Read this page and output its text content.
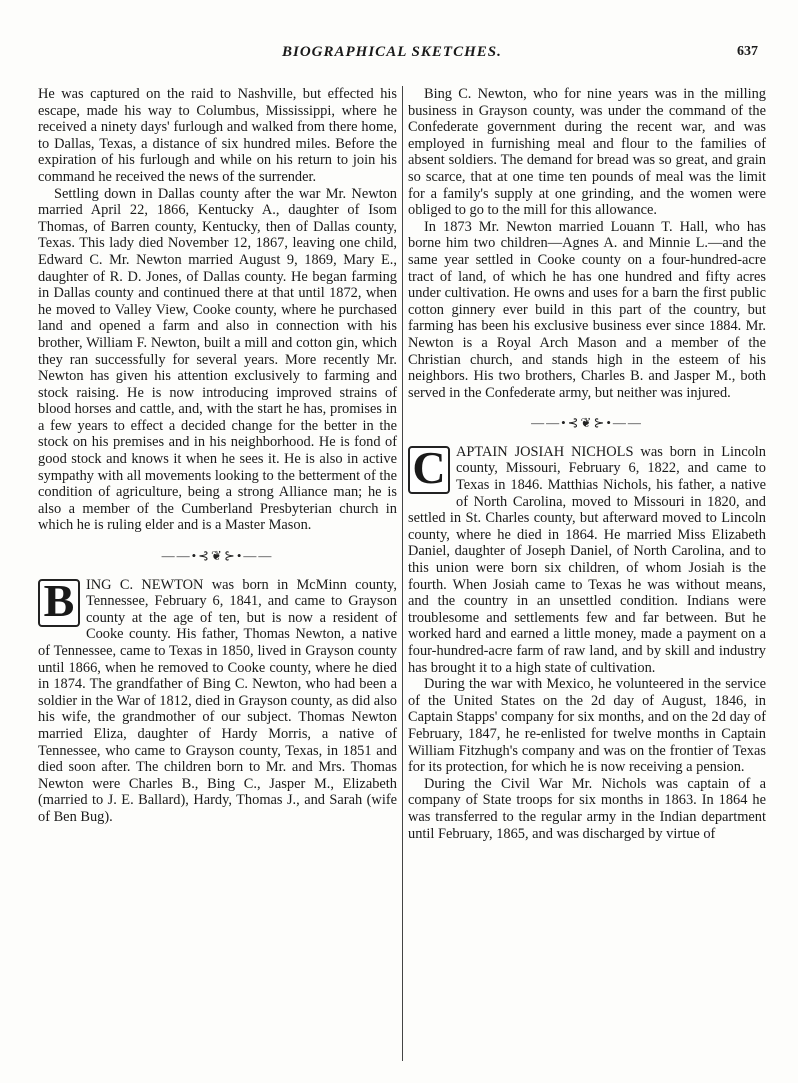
BIOGRAPHICAL SKETCHES.	637

He was captured on the raid to Nashville, but effected his escape, made his way to Columbus, Mississippi, where he received a ninety days' furlough and walked from there home, to Dallas, Texas, a distance of six hundred miles. Before the expiration of his furlough and while on his return to join his command he received the news of the surrender.

Settling down in Dallas county after the war Mr. Newton married April 22, 1866, Kentucky A., daughter of Isom Thomas, of Barren county, Kentucky, then of Dallas county, Texas. This lady died November 12, 1867, leaving one child, Edward C. Mr. Newton married August 9, 1869, Mary E., daughter of R. D. Jones, of Dallas county. He began farming in Dallas county and continued there at that until 1872, when he moved to Valley View, Cooke county, where he purchased land and opened a farm and also in connection with his brother, William F. Newton, built a mill and cotton gin, which they ran successfully for several years. More recently Mr. Newton has given his attention exclusively to farming and stock raising. He is now introducing improved strains of blood horses and cattle, and, with the start he has, promises in a few years to effect a decided change for the better in the stock on his premises and in his neighborhood. He is fond of good stock and knows it when he sees it. He is also in active sympathy with all movements looking to the betterment of the condition of agriculture, being a strong Alliance man; he is also a member of the Cumberland Presbyterian church in which he is ruling elder and is a Master Mason.

——•⊰❦⊱•——

B ING C. NEWTON was born in McMinn county, Tennessee, February 6, 1841, and came to Grayson county at the age of ten, but is now a resident of Cooke county. His father, Thomas Newton, a native of Tennessee, came to Texas in 1850, lived in Grayson county until 1866, when he removed to Cooke county, where he died in 1874. The grandfather of Bing C. Newton, who had been a soldier in the War of 1812, died in Grayson county, as did also his wife, the grandmother of our subject. Thomas Newton married Eliza, daughter of Hardy Morris, a native of Tennessee, who came to Grayson county, Texas, in 1851 and died soon after. The children born to Mr. and Mrs. Thomas Newton were Charles B., Bing C., Jasper M., Elizabeth (married to J. E. Ballard), Hardy, Thomas J., and Sarah (wife of Ben Bug).

Bing C. Newton, who for nine years was in the milling business in Grayson county, was under the command of the Confederate government during the recent war, and was employed in furnishing meal and flour to the families of absent soldiers. The demand for bread was so great, and grain so scarce, that at one time ten pounds of meal was the limit for a family's supply at one grinding, and the women were obliged to go to the mill for this allowance.

In 1873 Mr. Newton married Louann T. Hall, who has borne him two children—Agnes A. and Minnie L.—and the same year settled in Cooke county on a four-hundred-acre tract of land, of which he has one hundred and fifty acres under cultivation. He owns and uses for a barn the first public cotton ginnery ever build in this part of the country, but farming has been his exclusive business ever since 1884. Mr. Newton is a Royal Arch Mason and a member of the Christian church, and stands high in the esteem of his neighbors. His two brothers, Charles B. and Jasper M., both served in the Confederate army, but neither was injured.

——•⊰❦⊱•——

C APTAIN JOSIAH NICHOLS was born in Lincoln county, Missouri, February 6, 1822, and came to Texas in 1846. Matthias Nichols, his father, a native of North Carolina, moved to Missouri in 1820, and settled in St. Charles county, but afterward moved to Lincoln county, where he died in 1864. He married Miss Elizabeth Daniel, daughter of Joseph Daniel, of North Carolina, and to this union were born six children, of whom Josiah is the fourth. When Josiah came to Texas he was without means, and the country in an unsettled condition. Indians were troublesome and settlements few and far between. But he worked hard and earned a little money, made a payment on a four-hundred-acre farm of raw land, and by skill and industry has brought it to a high state of cultivation.

During the war with Mexico, he volunteered in the service of the United States on the 2d day of August, 1846, in Captain Stapps' company for six months, and on the 2d day of February, 1847, he re-enlisted for twelve months in Captain William Fitzhugh's company and was on the frontier of Texas for its protection, for which he is now receiving a pension.

During the Civil War Mr. Nichols was captain of a company of State troops for six months in 1863. In 1864 he was transferred to the regular army in the Indian department until February, 1865, and was discharged by virtue of
